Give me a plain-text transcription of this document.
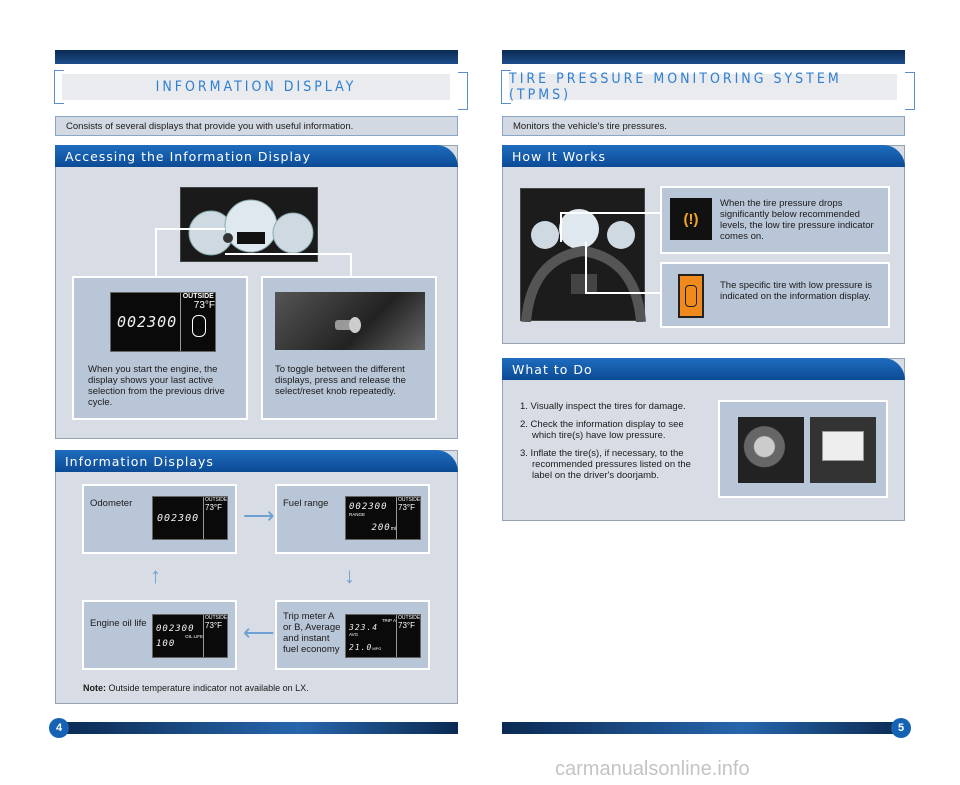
INFORMATION DISPLAY
Consists of several displays that provide you with useful information.
Accessing the Information Display
002300
OUTSIDE
73°F
When you start the engine, the display shows your last active selection from the previous drive cycle.
To toggle between the different displays, press and release the select/reset knob repeatedly.
Information Displays
Odometer
002300
OUTSIDE
73°F	Fuel range 002300
RANGE
200mi
OUTSIDE
73°F
Engine oil life 002300
OIL LIFE
100
OUTSIDE
73°F
Trip meter A or B, Average and instant fuel economy
TRIP A
323.4
AVG
21.0MPG
OUTSIDE
73°F
⟶
↓
⟵
↑
Note: Outside temperature indicator not available on LX.
4
TIRE PRESSURE MONITORING SYSTEM (TPMS)
Monitors the vehicle's tire pressures.
How It Works
(!)
When the tire pressure drops significantly below recommended levels, the low tire pressure indicator comes on.
The specific tire with low pressure is indicated on the information display.
What to Do
1. Visually inspect the tires for damage.
2. Check the information display to see which tire(s) have low pressure.
3. Inflate the tire(s), if necessary, to the recommended pressures listed on the label on the driver's doorjamb.
5
carmanualsonline.info
